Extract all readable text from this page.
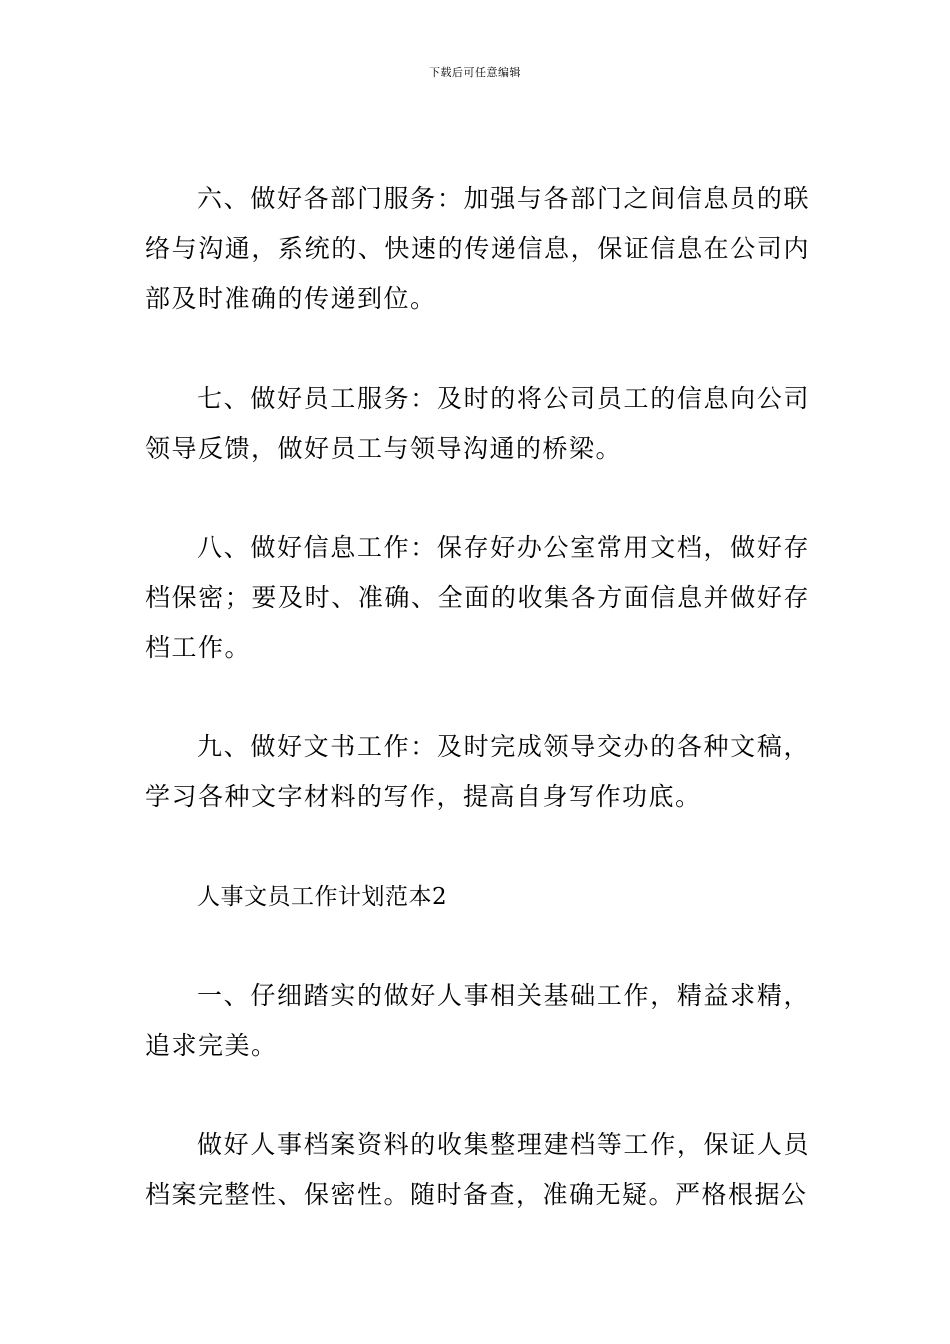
下载后可任意编辑

六、做好各部门服务：加强与各部门之间信息员的联络与沟通，系统的、快速的传递信息，保证信息在公司内部及时准确的传递到位。

七、做好员工服务：及时的将公司员工的信息向公司领导反馈，做好员工与领导沟通的桥梁。

八、做好信息工作：保存好办公室常用文档，做好存档保密；要及时、准确、全面的收集各方面信息并做好存档工作。

九、做好文书工作：及时完成领导交办的各种文稿，学习各种文字材料的写作，提高自身写作功底。

人事文员工作计划范本2

一、仔细踏实的做好人事相关基础工作，精益求精，追求完美。

做好人事档案资料的收集整理建档等工作，保证人员档案完整性、保密性。随时备查，准确无疑。严格根据公
